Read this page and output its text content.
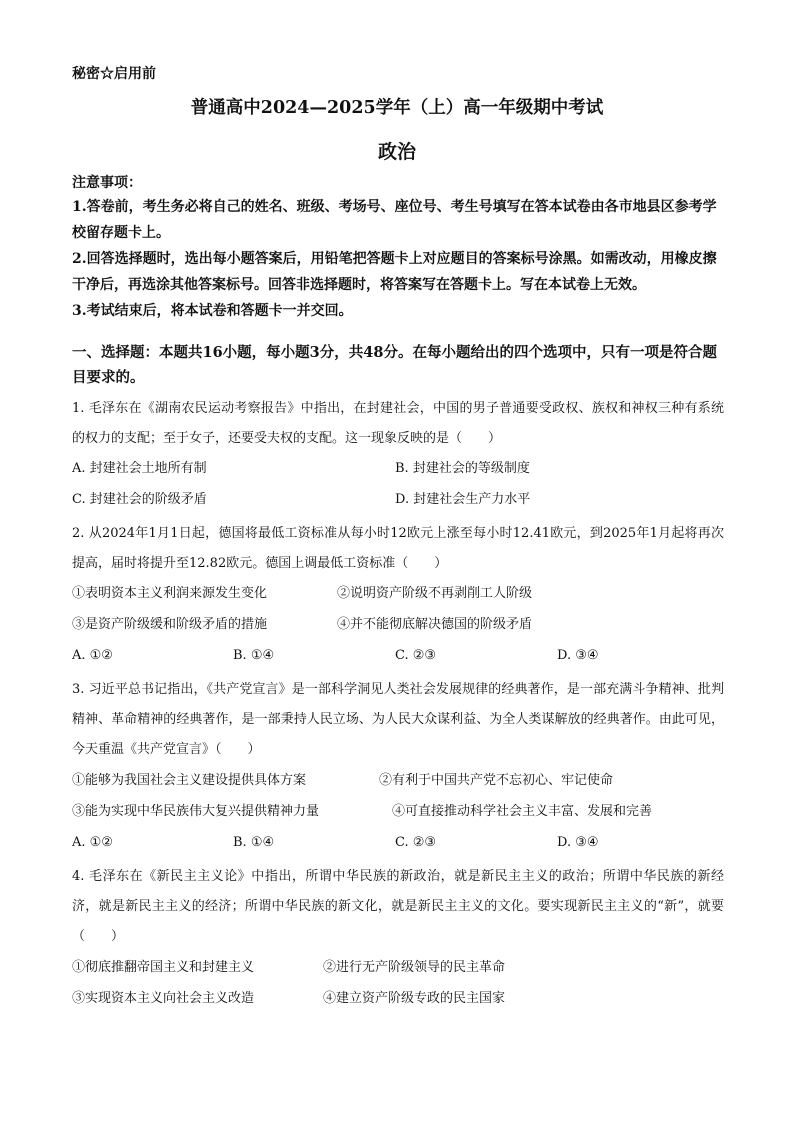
秘密☆启用前
普通高中2024—2025学年（上）高一年级期中考试
政治
注意事项：

1.答卷前，考生务必将自己的姓名、班级、考场号、座位号、考生号填写在答本试卷由各市地县区参考学校留存题卡上。

2.回答选择题时，选出每小题答案后，用铅笔把答题卡上对应题目的答案标号涂黑。如需改动，用橡皮擦干净后，再选涂其他答案标号。回答非选择题时，将答案写在答题卡上。写在本试卷上无效。

3.考试结束后，将本试卷和答题卡一并交回。

一、选择题：本题共16小题，每小题3分，共48分。在每小题给出的四个选项中，只有一项是符合题目要求的。
1. 毛泽东在《湖南农民运动考察报告》中指出，在封建社会，中国的男子普通要受政权、族权和神权三种有系统的权力的支配；至于女子，还要受夫权的支配。这一现象反映的是（　　）
A. 封建社会土地所有制	B. 封建社会的等级制度
C. 封建社会的阶级矛盾	D. 封建社会生产力水平
2. 从2024年1月1日起，德国将最低工资标准从每小时12欧元上涨至每小时12.41欧元，到2025年1月起将再次提高，届时将提升至12.82欧元。德国上调最低工资标准（　　）
①表明资本主义利润来源发生变化	②说明资产阶级不再剥削工人阶级
③是资产阶级缓和阶级矛盾的措施	④并不能彻底解决德国的阶级矛盾
A. ①②	B. ①④	C. ②③	D. ③④
3. 习近平总书记指出，《共产党宣言》是一部科学洞见人类社会发展规律的经典著作，是一部充满斗争精神、批判精神、革命精神的经典著作，是一部秉持人民立场、为人民大众谋利益、为全人类谋解放的经典著作。由此可见，今天重温《共产党宣言》（　　）
①能够为我国社会主义建设提供具体方案	②有利于中国共产党不忘初心、牢记使命
③能为实现中华民族伟大复兴提供精神力量	④可直接推动科学社会主义丰富、发展和完善
A. ①②	B. ①④	C. ②③	D. ③④
4. 毛泽东在《新民主主义论》中指出，所谓中华民族的新政治，就是新民主主义的政治；所谓中华民族的新经济，就是新民主主义的经济；所谓中华民族的新文化，就是新民主主义的文化。要实现新民主主义的“新”，就要（　　）
①彻底推翻帝国主义和封建主义	②进行无产阶级领导的民主革命
③实现资本主义向社会主义改造	④建立资产阶级专政的民主国家
